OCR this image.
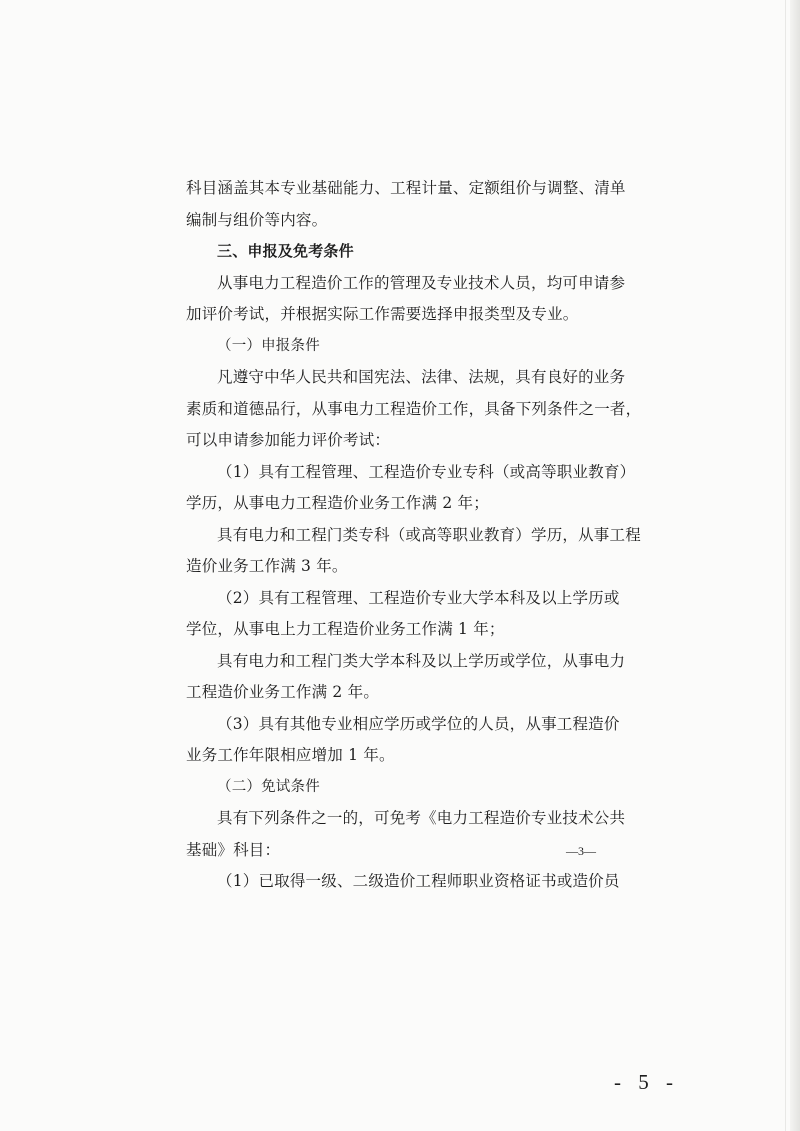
科目涵盖其本专业基础能力、工程计量、定额组价与调整、清单
编制与组价等内容。
三、申报及免考条件
从事电力工程造价工作的管理及专业技术人员，均可申请参
加评价考试，并根据实际工作需要选择申报类型及专业。
（一）申报条件
凡遵守中华人民共和国宪法、法律、法规，具有良好的业务
素质和道德品行，从事电力工程造价工作，具备下列条件之一者，
可以申请参加能力评价考试：
（1）具有工程管理、工程造价专业专科（或高等职业教育）
学历，从事电力工程造价业务工作满 2 年；
具有电力和工程门类专科（或高等职业教育）学历，从事工程
造价业务工作满 3 年。
（2）具有工程管理、工程造价专业大学本科及以上学历或
学位，从事电上力工程造价业务工作满 1 年；
具有电力和工程门类大学本科及以上学历或学位，从事电力
工程造价业务工作满 2 年。
（3）具有其他专业相应学历或学位的人员，从事工程造价
业务工作年限相应增加 1 年。
（二）免试条件
具有下列条件之一的，可免考《电力工程造价专业技术公共
基础》科目：
（1）已取得一级、二级造价工程师职业资格证书或造价员
—3—
- 5 -
